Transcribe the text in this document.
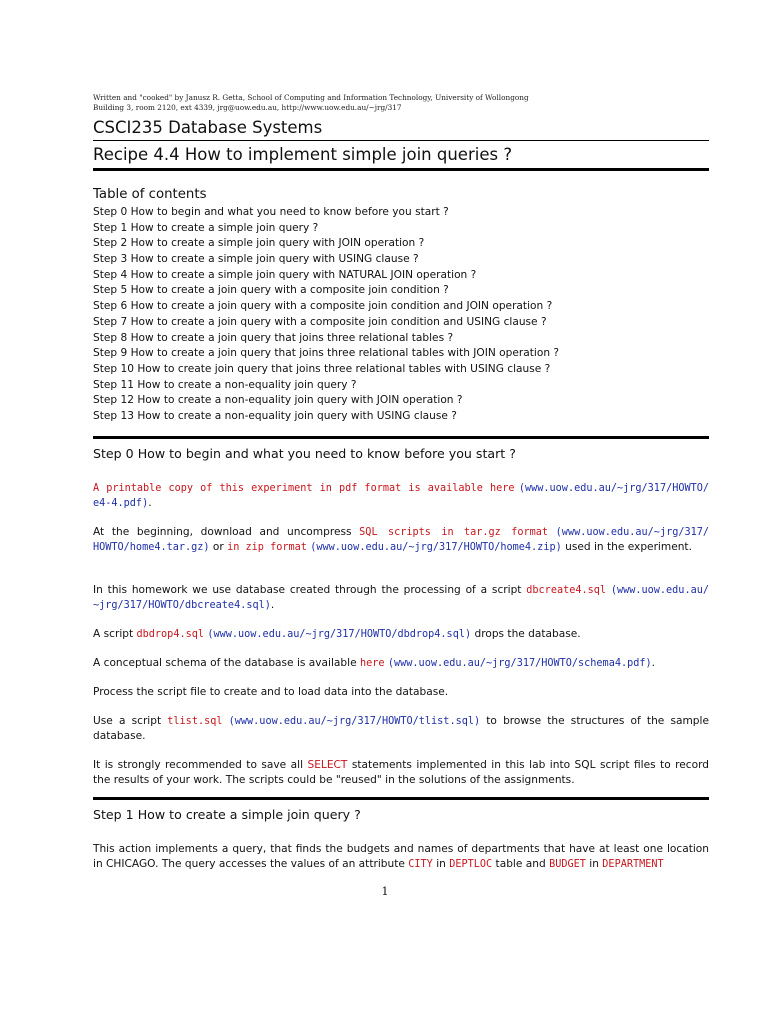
Written and "cooked" by Janusz R. Getta, School of Computing and Information Technology, University of Wollongong
Building 3, room 2120, ext 4339, jrg@uow.edu.au, http://www.uow.edu.au/~jrg/317
CSCI235 Database Systems
Recipe 4.4 How to implement simple join queries ?
Table of contents
Step 0 How to begin and what you need to know before you start ?
Step 1 How to create a simple join query ?
Step 2 How to create a simple join query with JOIN operation ?
Step 3 How to create a simple join query with USING clause ?
Step 4 How to create a simple join query with NATURAL JOIN operation ?
Step 5 How to create a join query with a composite join condition ?
Step 6 How to create a join query with a composite join condition and JOIN operation ?
Step 7 How to create a join query with a composite join condition and USING clause ?
Step 8 How to create a join query that joins three relational tables ?
Step 9 How to create a join query that joins three relational tables with JOIN operation ?
Step 10 How to create join query that joins three relational tables with USING clause ?
Step 11 How to create a non-equality join query ?
Step 12 How to create a non-equality join query with JOIN operation ?
Step 13 How to create a non-equality join query with USING clause ?
Step 0 How to begin and what you need to know before you start ?
A printable copy of this experiment in pdf format is available here (www.uow.edu.au/~jrg/317/HOWTO/ e4-4.pdf).
At the beginning, download and uncompress SQL scripts in tar.gz format (www.uow.edu.au/~jrg/317/ HOWTO/home4.tar.gz) or in zip format (www.uow.edu.au/~jrg/317/HOWTO/home4.zip) used in the experiment.
In this homework we use database created through the processing of a script dbcreate4.sql (www.uow.edu.au/ ~jrg/317/HOWTO/dbcreate4.sql).
A script dbdrop4.sql (www.uow.edu.au/~jrg/317/HOWTO/dbdrop4.sql) drops the database.
A conceptual schema of the database is available here (www.uow.edu.au/~jrg/317/HOWTO/schema4.pdf).
Process the script file to create and to load data into the database.
Use a script tlist.sql (www.uow.edu.au/~jrg/317/HOWTO/tlist.sql) to browse the structures of the sample database.
It is strongly recommended to save all SELECT statements implemented in this lab into SQL script files to record the results of your work. The scripts could be "reused" in the solutions of the assignments.
Step 1 How to create a simple join query ?
This action implements a query, that finds the budgets and names of departments that have at least one location in CHICAGO. The query accesses the values of an attribute CITY in DEPTLOC table and BUDGET in DEPARTMENT
1
